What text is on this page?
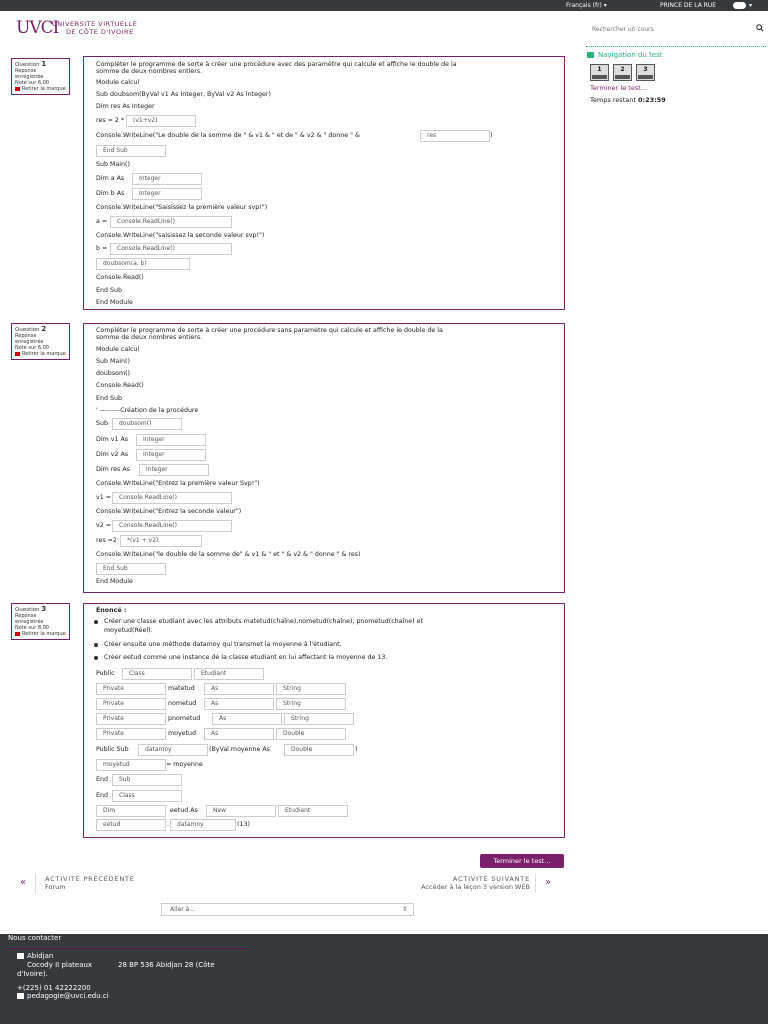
Français (fr) ▾	PRINCE DE LA RUE	▾
UVCI
UNIVERSITE VIRTUELLE
DE CÔTE D'IVOIRE
Rechercher un cours
Question 1
Réponse enregistrée
Noté sur 6,00
Retirer la marque
Question 2
Réponse enregistrée
Noté sur 6,00
Retirer la marque
Question 3
Réponse enregistrée
Noté sur 8,00
Retirer la marque
Compléter le programme de sorte à créer une procédure avec des paramètre qui calcule et affiche le double de la
somme de deux nombres entiers.
Module calcul
Sub doubsom(ByVal v1 As Integer, ByVal v2 As Integer)
Dim res As Integer
res = 2 *	(v1+v2)
Console.WriteLine("Le double de la somme de " & v1 & " et de " & v2 & " donne " &	res	)
End Sub
Sub Main()
Dim a As	Integer
Dim b As	Integer
Console.WriteLine("Saisissez la première valeur svp!")
a =	Console.ReadLine()
Console.WriteLine("saisissez la seconde valeur svp!")
b =	Console.ReadLine()
doubsom(a, b)
Console.Read()
End Sub
End Module
Compléter le programme de sorte à créer une procédure sans paramètre qui calcule et affiche le double de la
somme de deux nombres entiers.
Module calcul
Sub Main()
doubsom()
Console.Read()
End Sub
' ---------Création de la procédure
Sub	doubsom()
Dim v1 As	Integer
Dim v2 As	Integer
Dim res As	Integer
Console.WriteLine("Entrez la première valeur Svp!")
v1 =	Console.ReadLine()
Console.WriteLine("Entrez la seconde valeur")
v2 =	Console.ReadLine()
res =2	*(v1 + v2)
Console.WriteLine("le double de la somme de" & v1 & " et " & v2 & " donne " & res)
End Sub
End Module
Énoncé :
Créer une classe etudiant avec les attributs matetud(chaîne),nometud(chaîne), pnometud(chaîne) et
moyetud(Réel).
Créer ensuite une méthode datamoy qui transmet la moyenne à l'étudiant.
Créer eetud comme une instance de la classe etudiant en lui affectant la moyenne de 13.
Public	Class	Etudiant
Private	matetud	As	String
Private	nometud	As	String
Private	pnometud	As	String
Private	moyetud	As	Double
Public Sub	datamoy	(ByVal moyenne As	Double	)
moyetud	= moyenne
End	Sub
End	Class
Dim	eetud As	New	Etudiant
eetud	.	datamoy	(13)
Navigation du test
1	2	3
Terminer le test…
Temps restant 0:23:59
Terminer le test…
«	ACTIVITÉ PRÉCÉDENTE
Forum
ACTIVITÉ SUIVANTE
Accéder à la leçon 3 version WEB »
Aller à…	⇕
Nous contacter
Abidjan
Cocody II plateaux	28 BP 536 Abidjan 28 (Côte
d'Ivoire).
+(225) 01 42222200
pedagogie@uvci.edu.ci
